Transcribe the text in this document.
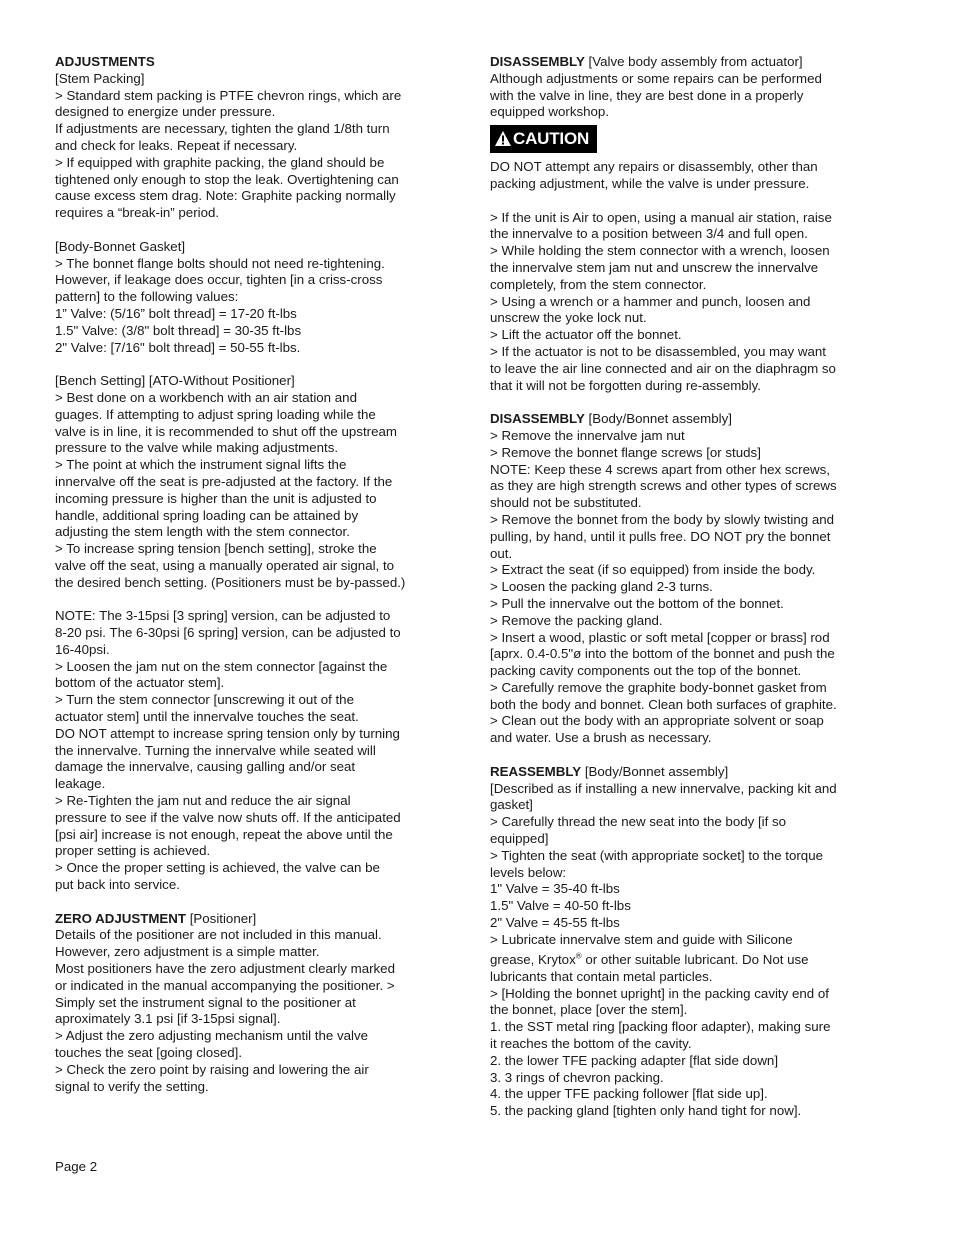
ADJUSTMENTS
[Stem Packing]
> Standard stem packing is PTFE chevron rings, which are
designed to energize under pressure.
If adjustments are necessary, tighten the gland 1/8th turn
and check for leaks. Repeat if necessary.
> If equipped with graphite packing, the gland should be
tightened only enough to stop the leak. Overtightening can
cause excess stem drag. Note: Graphite packing normally
requires a “break-in” period.
[Body-Bonnet Gasket]
> The bonnet flange bolts should not need re-tightening.
However, if leakage does occur, tighten [in a criss-cross
pattern] to the following values:
1” Valve: (5/16” bolt thread] = 17-20 ft-lbs
1.5" Valve: (3/8" bolt thread] = 30-35 ft-lbs
2" Valve: [7/16" bolt thread] = 50-55 ft-lbs.
[Bench Setting] [ATO-Without Positioner]
> Best done on a workbench with an air station and
guages. If attempting to adjust spring loading while the
valve is in line, it is recommended to shut off the upstream
pressure to the valve while making adjustments.
> The point at which the instrument signal lifts the
innervalve off the seat is pre-adjusted at the factory. If the
incoming pressure is higher than the unit is adjusted to
handle, additional spring loading can be attained by
adjusting the stem length with the stem connector.
> To increase spring tension [bench setting], stroke the
valve off the seat, using a manually operated air signal, to
the desired bench setting. (Positioners must be by-passed.)
NOTE: The 3-15psi [3 spring] version, can be adjusted to
8-20 psi. The 6-30psi [6 spring] version, can be adjusted to
16-40psi.
> Loosen the jam nut on the stem connector [against the
bottom of the actuator stem].
> Turn the stem connector [unscrewing it out of the
actuator stem] until the innervalve touches the seat.
DO NOT attempt to increase spring tension only by turning
the innervalve. Turning the innervalve while seated will
damage the innervalve, causing galling and/or seat
leakage.
> Re-Tighten the jam nut and reduce the air signal
pressure to see if the valve now shuts off. If the anticipated
[psi air] increase is not enough, repeat the above until the
proper setting is achieved.
> Once the proper setting is achieved, the valve can be
put back into service.
ZERO ADJUSTMENT [Positioner]
Details of the positioner are not included in this manual.
However, zero adjustment is a simple matter.
Most positioners have the zero adjustment clearly marked
or indicated in the manual accompanying the positioner. >
Simply set the instrument signal to the positioner at
aproximately 3.1 psi [if 3-15psi signal].
> Adjust the zero adjusting mechanism until the valve
touches the seat [going closed].
> Check the zero point by raising and lowering the air
signal to verify the setting.
DISASSEMBLY [Valve body assembly from actuator]
Although adjustments or some repairs can be performed
with the valve in line, they are best done in a properly
equipped workshop.
CAUTION
DO NOT attempt any repairs or disassembly, other than
packing adjustment, while the valve is under pressure.
> If the unit is Air to open, using a manual air station, raise
the innervalve to a position between 3/4 and full open.
> While holding the stem connector with a wrench, loosen
the innervalve stem jam nut and unscrew the innervalve
completely, from the stem connector.
> Using a wrench or a hammer and punch, loosen and
unscrew the yoke lock nut.
> Lift the actuator off the bonnet.
> If the actuator is not to be disassembled, you may want
to leave the air line connected and air on the diaphragm so
that it will not be forgotten during re-assembly.
DISASSEMBLY [Body/Bonnet assembly]
> Remove the innervalve jam nut
> Remove the bonnet flange screws [or studs]
NOTE: Keep these 4 screws apart from other hex screws,
as they are high strength screws and other types of screws
should not be substituted.
> Remove the bonnet from the body by slowly twisting and
pulling, by hand, until it pulls free. DO NOT pry the bonnet
out.
> Extract the seat (if so equipped) from inside the body.
> Loosen the packing gland 2-3 turns.
> Pull the innervalve out the bottom of the bonnet.
> Remove the packing gland.
> Insert a wood, plastic or soft metal [copper or brass] rod
[aprx. 0.4-0.5"ø into the bottom of the bonnet and push the
packing cavity components out the top of the bonnet.
> Carefully remove the graphite body-bonnet gasket from
both the body and bonnet. Clean both surfaces of graphite.
> Clean out the body with an appropriate solvent or soap
and water. Use a brush as necessary.
REASSEMBLY [Body/Bonnet assembly]
[Described as if installing a new innervalve, packing kit and
gasket]
> Carefully thread the new seat into the body [if so
equipped]
> Tighten the seat (with appropriate socket] to the torque
levels below:
1" Valve = 35-40 ft-lbs
1.5" Valve = 40-50 ft-lbs
2" Valve = 45-55 ft-lbs
> Lubricate innervalve stem and guide with Silicone
grease, Krytox® or other suitable lubricant. Do Not use
lubricants that contain metal particles.
> [Holding the bonnet upright] in the packing cavity end of
the bonnet, place [over the stem].
1. the SST metal ring [packing floor adapter), making sure
it reaches the bottom of the cavity.
2. the lower TFE packing adapter [flat side down]
3. 3 rings of chevron packing.
4. the upper TFE packing follower [flat side up].
5. the packing gland [tighten only hand tight for now].
Page 2
